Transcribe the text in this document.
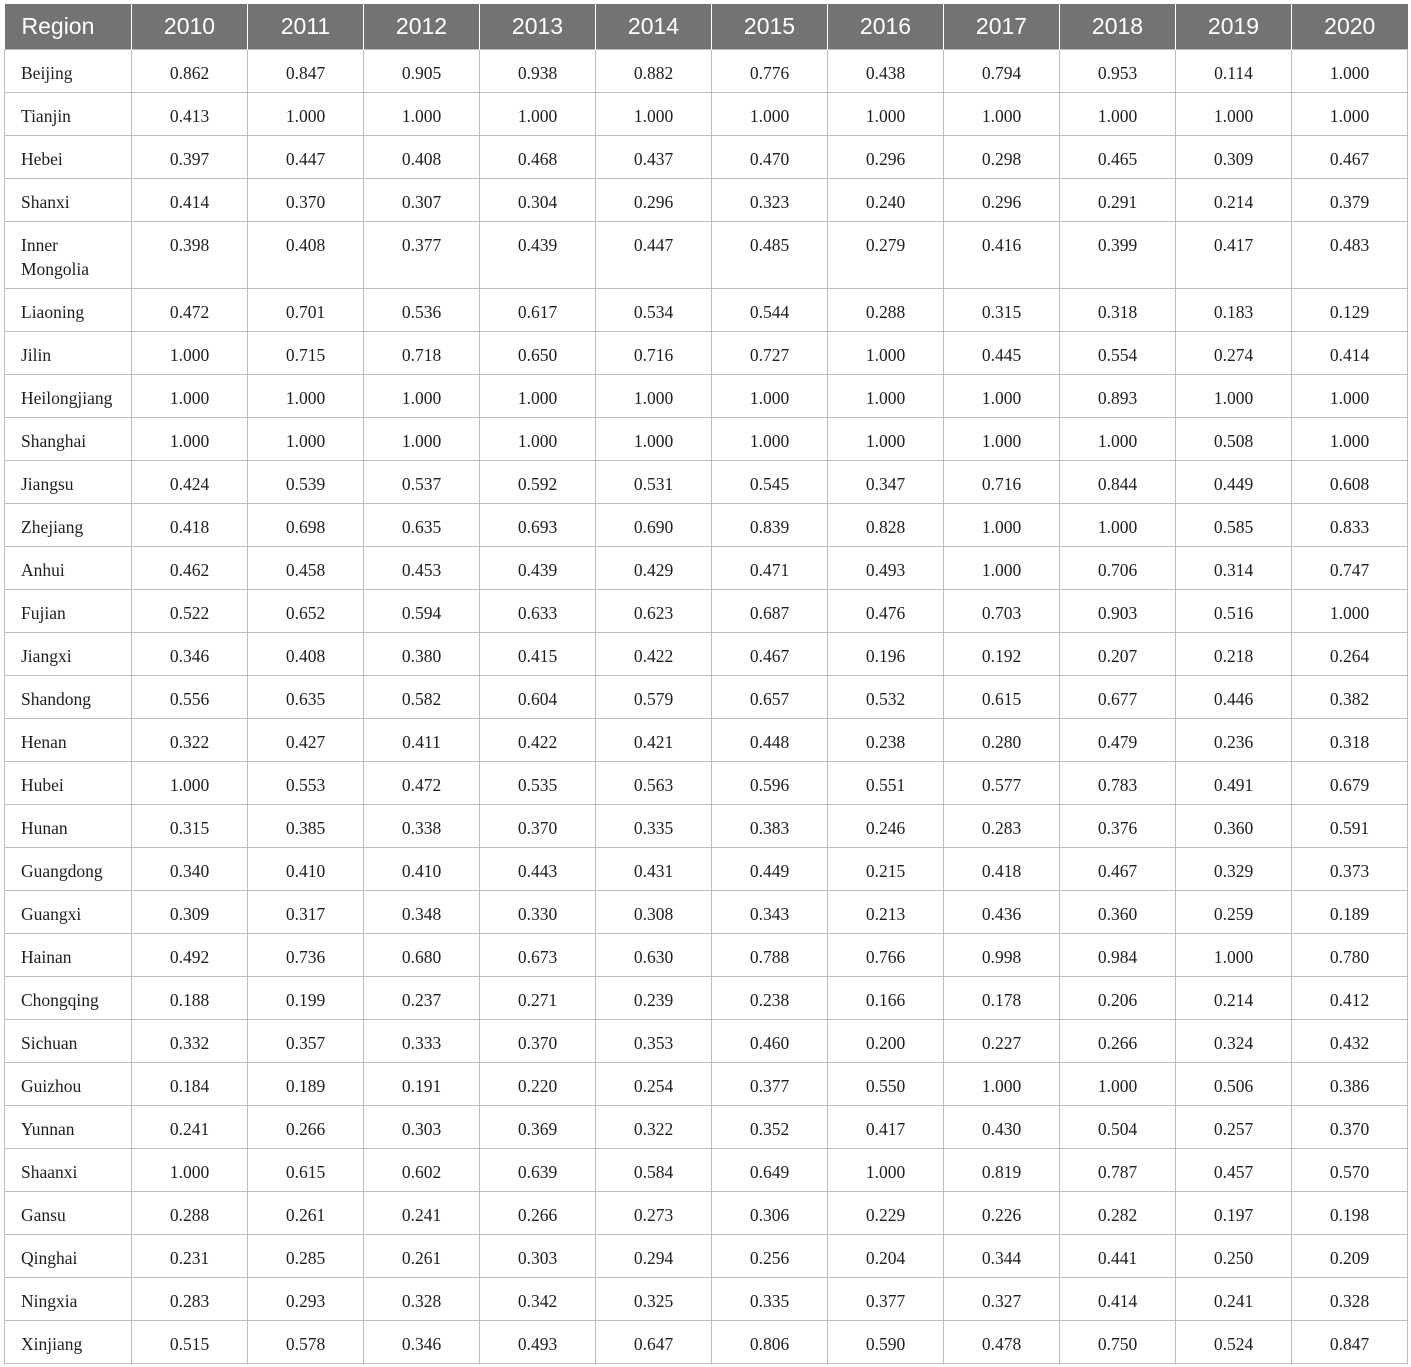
Region	2010	2011	2012	2013	2014	2015	2016	2017	2018	2019	2020

Beijing	0.862	0.847	0.905	0.938	0.882	0.776	0.438	0.794	0.953	0.114	1.000

Tianjin	0.413	1.000	1.000	1.000	1.000	1.000	1.000	1.000	1.000	1.000	1.000

Hebei	0.397	0.447	0.408	0.468	0.437	0.470	0.296	0.298	0.465	0.309	0.467

Shanxi	0.414	0.370	0.307	0.304	0.296	0.323	0.240	0.296	0.291	0.214	0.379

Inner Mongolia	0.398	0.408	0.377	0.439	0.447	0.485	0.279	0.416	0.399	0.417	0.483

Liaoning	0.472	0.701	0.536	0.617	0.534	0.544	0.288	0.315	0.318	0.183	0.129

Jilin	1.000	0.715	0.718	0.650	0.716	0.727	1.000	0.445	0.554	0.274	0.414

Heilongjiang	1.000	1.000	1.000	1.000	1.000	1.000	1.000	1.000	0.893	1.000	1.000

Shanghai	1.000	1.000	1.000	1.000	1.000	1.000	1.000	1.000	1.000	0.508	1.000

Jiangsu	0.424	0.539	0.537	0.592	0.531	0.545	0.347	0.716	0.844	0.449	0.608

Zhejiang	0.418	0.698	0.635	0.693	0.690	0.839	0.828	1.000	1.000	0.585	0.833

Anhui	0.462	0.458	0.453	0.439	0.429	0.471	0.493	1.000	0.706	0.314	0.747

Fujian	0.522	0.652	0.594	0.633	0.623	0.687	0.476	0.703	0.903	0.516	1.000

Jiangxi	0.346	0.408	0.380	0.415	0.422	0.467	0.196	0.192	0.207	0.218	0.264

Shandong	0.556	0.635	0.582	0.604	0.579	0.657	0.532	0.615	0.677	0.446	0.382

Henan	0.322	0.427	0.411	0.422	0.421	0.448	0.238	0.280	0.479	0.236	0.318

Hubei	1.000	0.553	0.472	0.535	0.563	0.596	0.551	0.577	0.783	0.491	0.679

Hunan	0.315	0.385	0.338	0.370	0.335	0.383	0.246	0.283	0.376	0.360	0.591

Guangdong	0.340	0.410	0.410	0.443	0.431	0.449	0.215	0.418	0.467	0.329	0.373

Guangxi	0.309	0.317	0.348	0.330	0.308	0.343	0.213	0.436	0.360	0.259	0.189

Hainan	0.492	0.736	0.680	0.673	0.630	0.788	0.766	0.998	0.984	1.000	0.780

Chongqing	0.188	0.199	0.237	0.271	0.239	0.238	0.166	0.178	0.206	0.214	0.412

Sichuan	0.332	0.357	0.333	0.370	0.353	0.460	0.200	0.227	0.266	0.324	0.432

Guizhou	0.184	0.189	0.191	0.220	0.254	0.377	0.550	1.000	1.000	0.506	0.386

Yunnan	0.241	0.266	0.303	0.369	0.322	0.352	0.417	0.430	0.504	0.257	0.370

Shaanxi	1.000	0.615	0.602	0.639	0.584	0.649	1.000	0.819	0.787	0.457	0.570

Gansu	0.288	0.261	0.241	0.266	0.273	0.306	0.229	0.226	0.282	0.197	0.198

Qinghai	0.231	0.285	0.261	0.303	0.294	0.256	0.204	0.344	0.441	0.250	0.209

Ningxia	0.283	0.293	0.328	0.342	0.325	0.335	0.377	0.327	0.414	0.241	0.328

Xinjiang	0.515	0.578	0.346	0.493	0.647	0.806	0.590	0.478	0.750	0.524	0.847
